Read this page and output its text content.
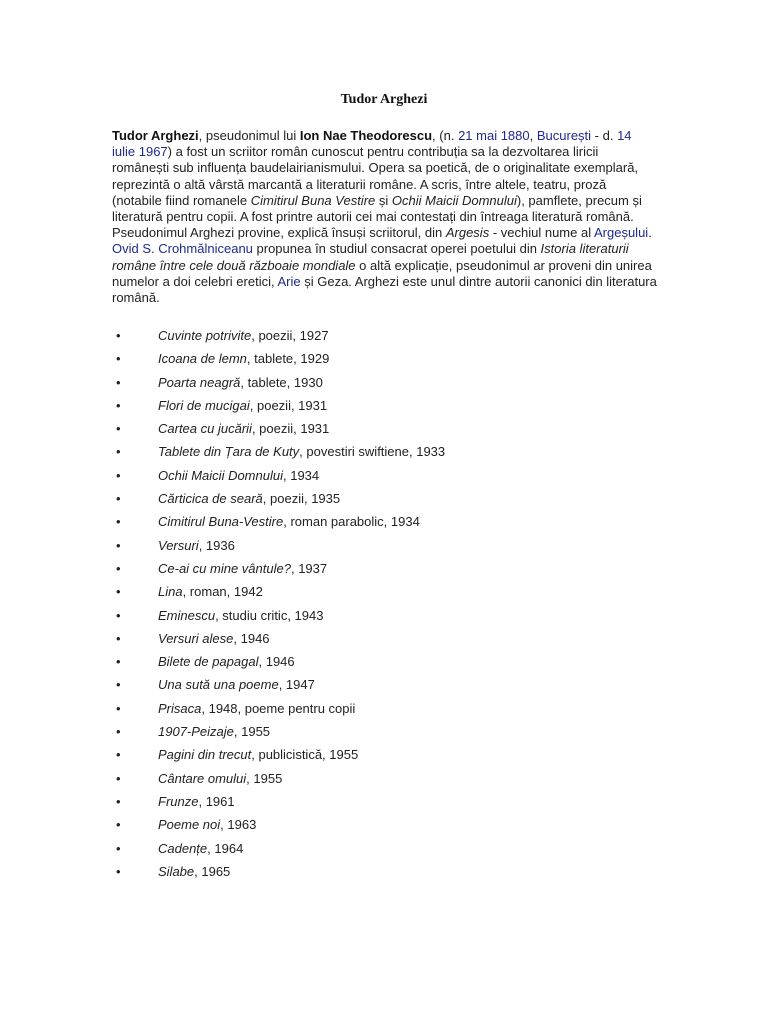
Tudor Arghezi

Tudor Arghezi, pseudonimul lui Ion Nae Theodorescu, (n. 21 mai 1880, București - d. 14 iulie 1967) a fost un scriitor român cunoscut pentru contribuția sa la dezvoltarea liricii românești sub influența baudelairianismului. Opera sa poetică, de o originalitate exemplară, reprezintă o altă vârstă marcantă a literaturii române. A scris, între altele, teatru, proză (notabile fiind romanele Cimitirul Buna Vestire și Ochii Maicii Domnului), pamflete, precum și literatură pentru copii. A fost printre autorii cei mai contestați din întreaga literatură română. Pseudonimul Arghezi provine, explică însuși scriitorul, din Argesis - vechiul nume al Argeșului. Ovid S. Crohmălniceanu propunea în studiul consacrat operei poetului din Istoria literaturii române între cele două războaie mondiale o altă explicație, pseudonimul ar proveni din unirea numelor a doi celebri eretici, Arie și Geza. Arghezi este unul dintre autorii canonici din literatura română.

•	Cuvinte potrivite, poezii, 1927
•	Icoana de lemn, tablete, 1929
•	Poarta neagră, tablete, 1930
•	Flori de mucigai, poezii, 1931
•	Cartea cu jucării, poezii, 1931
•	Tablete din Țara de Kuty, povestiri swiftiene, 1933
•	Ochii Maicii Domnului, 1934
•	Cărticica de seară, poezii, 1935
•	Cimitirul Buna-Vestire, roman parabolic, 1934
•	Versuri, 1936
•	Ce-ai cu mine vântule?, 1937
•	Lina, roman, 1942
•	Eminescu, studiu critic, 1943
•	Versuri alese, 1946
•	Bilete de papagal, 1946
•	Una sută una poeme, 1947
•	Prisaca, 1948, poeme pentru copii
•	1907-Peizaje, 1955
•	Pagini din trecut, publicistică, 1955
•	Cântare omului, 1955
•	Frunze, 1961
•	Poeme noi, 1963
•	Cadențe, 1964
•	Silabe, 1965
